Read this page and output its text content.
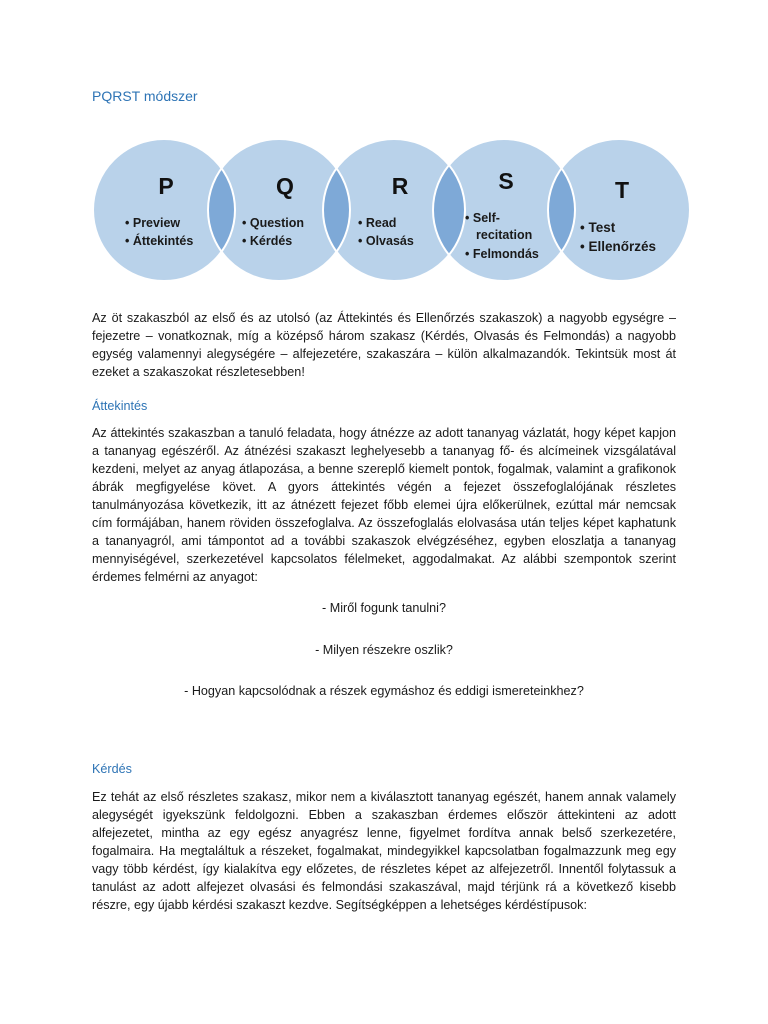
PQRST módszer
P
• Preview
• Áttekintés
Q
• Question
• Kérdés
R
• Read
• Olvasás
S
• Self-
recitation
• Felmondás
T
• Test
• Ellenőrzés

Az öt szakaszból az első és az utolsó (az Áttekintés és Ellenőrzés szakaszok) a nagyobb egységre – fejezetre – vonatkoznak, míg a középső három szakasz (Kérdés, Olvasás és Felmondás) a nagyobb egység valamennyi alegységére – alfejezetére, szakaszára – külön alkalmazandók. Tekintsük most át ezeket a szakaszokat részletesebben!

Áttekintés

Az áttekintés szakaszban a tanuló feladata, hogy átnézze az adott tananyag vázlatát, hogy képet kapjon a tananyag egészéről. Az átnézési szakaszt leghelyesebb a tananyag fő- és alcímeinek vizsgálatával kezdeni, melyet az anyag átlapozása, a benne szereplő kiemelt pontok, fogalmak, valamint a grafikonok ábrák megfigyelése követ. A gyors áttekintés végén a fejezet összefoglalójának részletes tanulmányozása következik, itt az átnézett fejezet főbb elemei újra előkerülnek, ezúttal már nemcsak cím formájában, hanem röviden összefoglalva. Az összefoglalás elolvasása után teljes képet kaphatunk a tananyagról, ami támpontot ad a további szakaszok elvégzéséhez, egyben eloszlatja a tananyag mennyiségével, szerkezetével kapcsolatos félelmeket, aggodalmakat. Az alábbi szempontok szerint érdemes felmérni az anyagot:

- Miről fogunk tanulni?

- Milyen részekre oszlik?

- Hogyan kapcsolódnak a részek egymáshoz és eddigi ismereteinkhez?

Kérdés

Ez tehát az első részletes szakasz, mikor nem a kiválasztott tananyag egészét, hanem annak valamely alegységét igyekszünk feldolgozni. Ebben a szakaszban érdemes először áttekinteni az adott alfejezetet, mintha az egy egész anyagrész lenne, figyelmet fordítva annak belső szerkezetére, fogalmaira. Ha megtaláltuk a részeket, fogalmakat, mindegyikkel kapcsolatban fogalmazzunk meg egy vagy több kérdést, így kialakítva egy előzetes, de részletes képet az alfejezetről. Innentől folytassuk a tanulást az adott alfejezet olvasási és felmondási szakaszával, majd térjünk rá a következő kisebb részre, egy újabb kérdési szakaszt kezdve. Segítségképpen a lehetséges kérdéstípusok:
